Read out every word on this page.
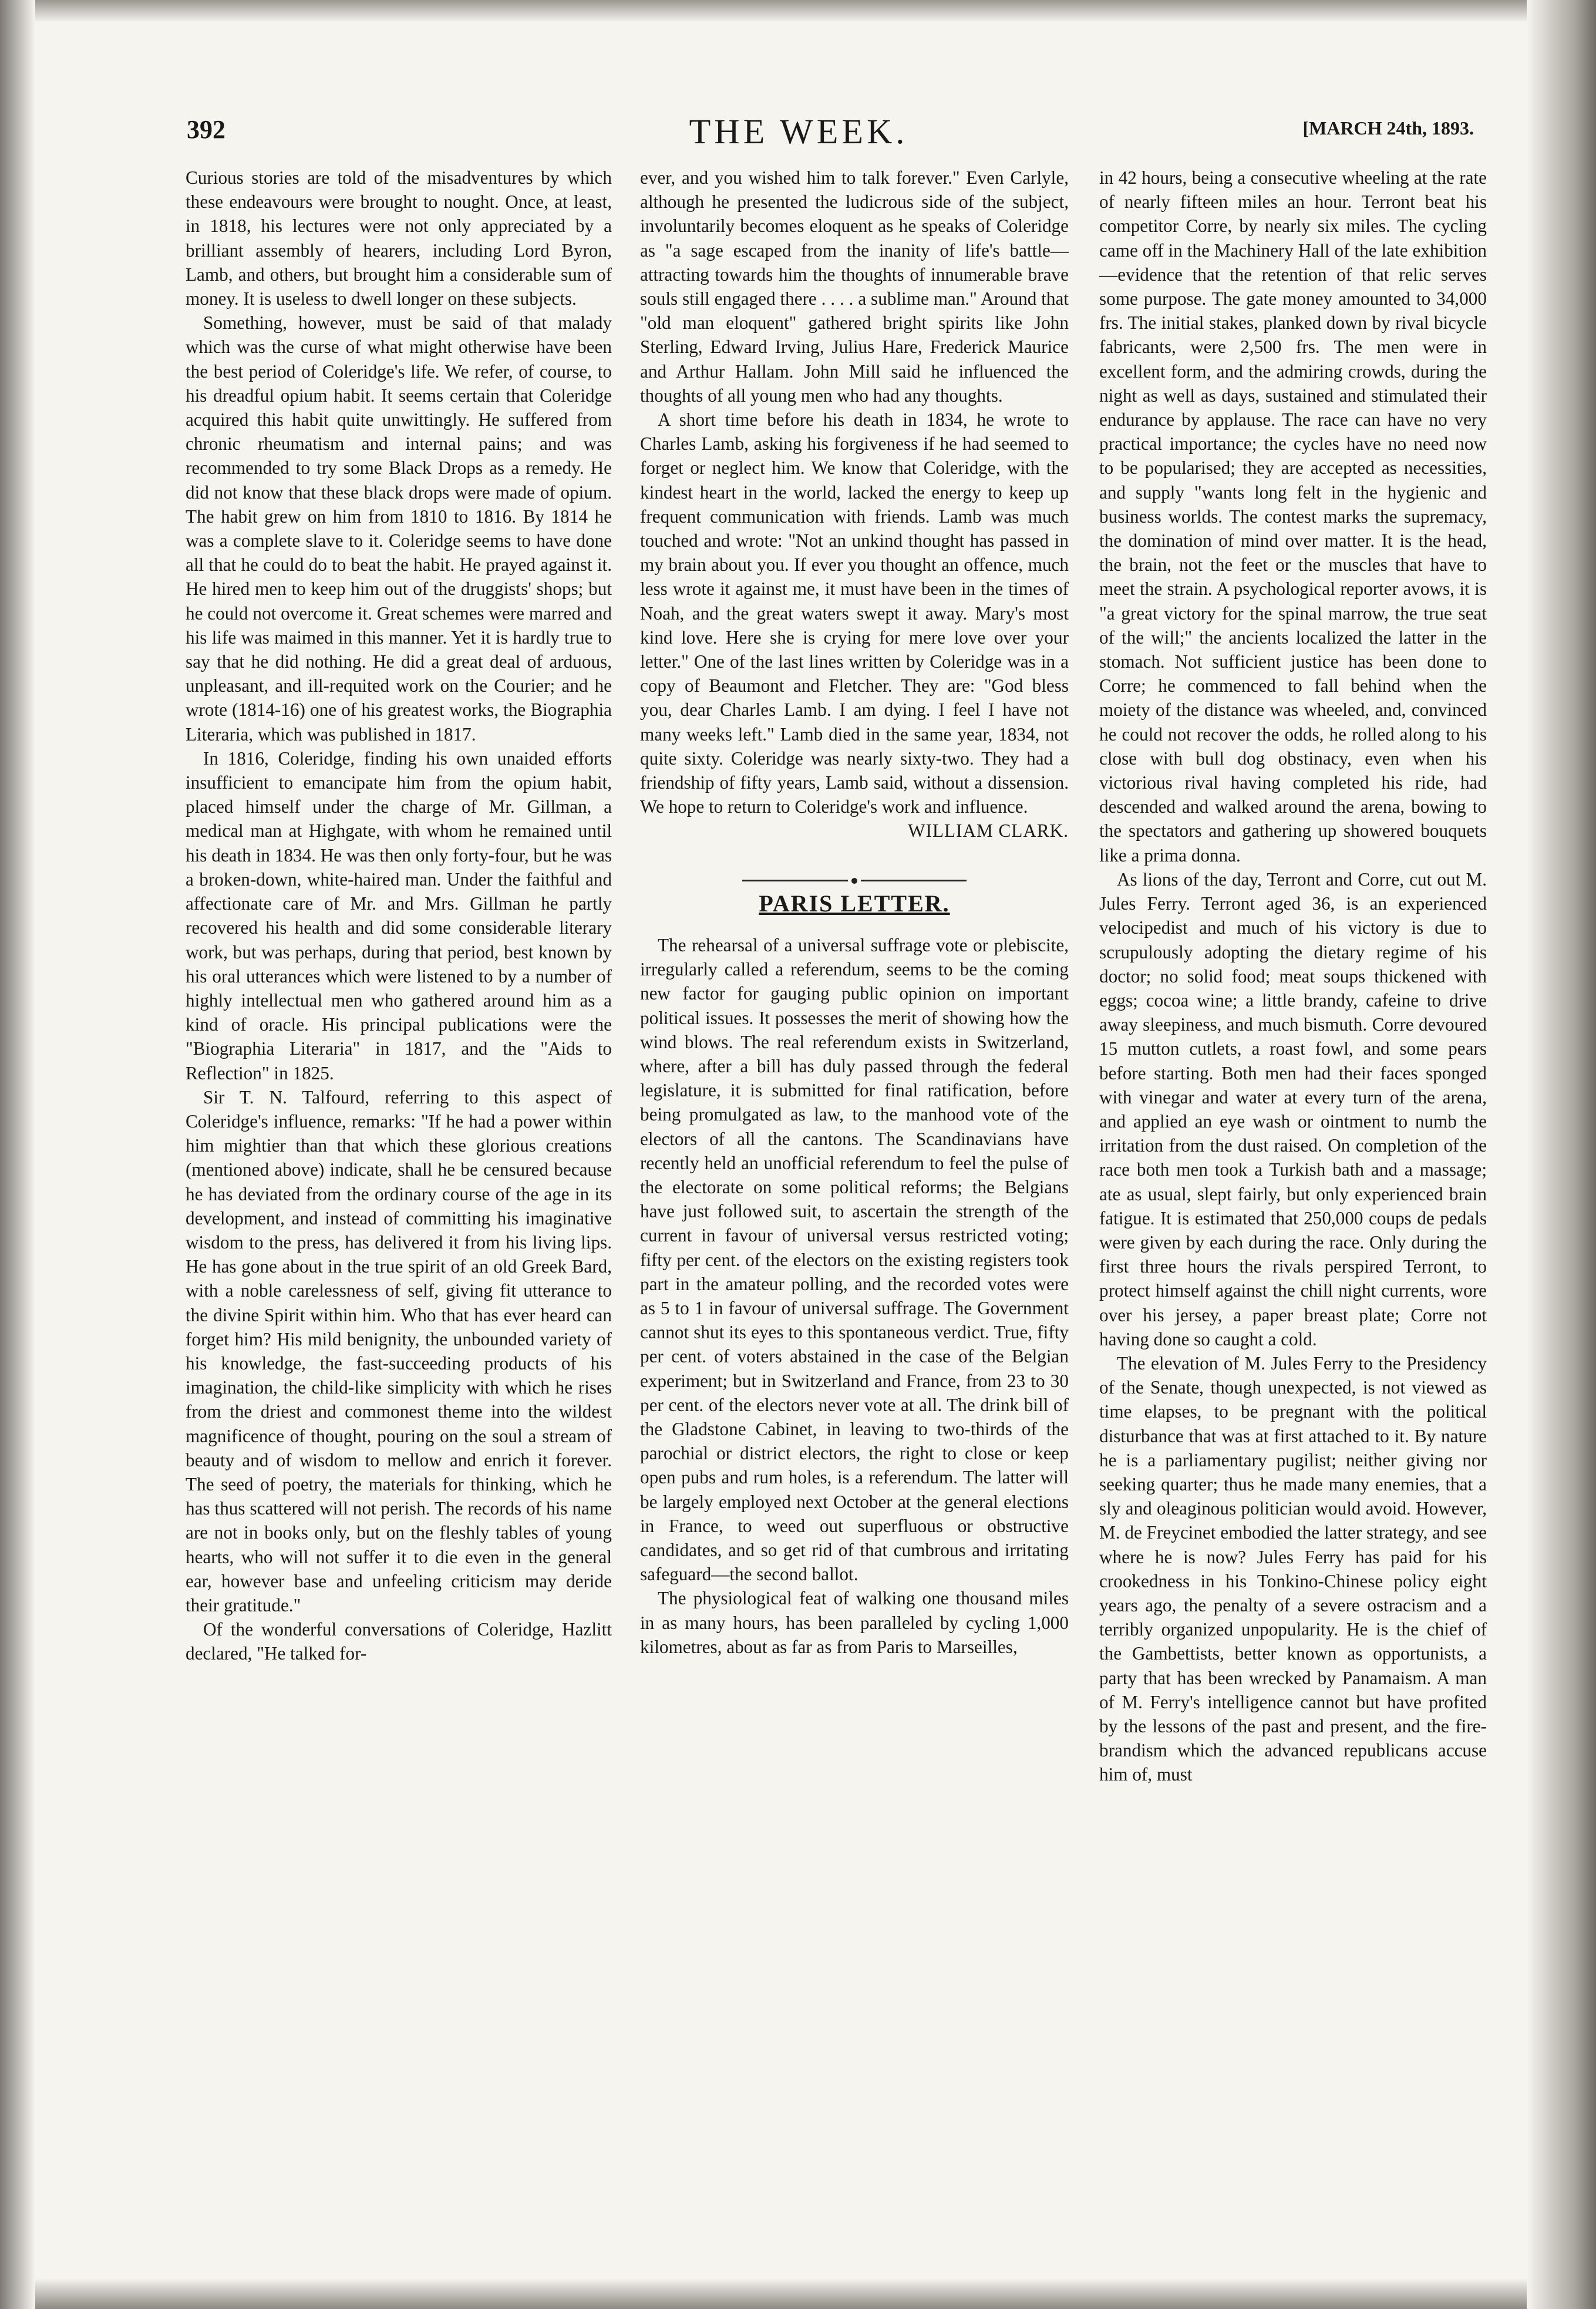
392	THE WEEK.	[MARCH 24th, 1893.

Curious stories are told of the misadventures by which these endeavours were brought to nought. Once, at least, in 1818, his lectures were not only appreciated by a brilliant assembly of hearers, including Lord Byron, Lamb, and others, but brought him a considerable sum of money. It is useless to dwell longer on these subjects.

Something, however, must be said of that malady which was the curse of what might otherwise have been the best period of Coleridge's life. We refer, of course, to his dreadful opium habit. It seems certain that Coleridge acquired this habit quite unwittingly. He suffered from chronic rheumatism and internal pains; and was recommended to try some Black Drops as a remedy. He did not know that these black drops were made of opium. The habit grew on him from 1810 to 1816. By 1814 he was a complete slave to it. Coleridge seems to have done all that he could do to beat the habit. He prayed against it. He hired men to keep him out of the druggists' shops; but he could not overcome it. Great schemes were marred and his life was maimed in this manner. Yet it is hardly true to say that he did nothing. He did a great deal of arduous, unpleasant, and ill-requited work on the Courier; and he wrote (1814-16) one of his greatest works, the Biographia Literaria, which was published in 1817.

In 1816, Coleridge, finding his own unaided efforts insufficient to emancipate him from the opium habit, placed himself under the charge of Mr. Gillman, a medical man at Highgate, with whom he remained until his death in 1834. He was then only forty-four, but he was a broken-down, white-haired man. Under the faithful and affectionate care of Mr. and Mrs. Gillman he partly recovered his health and did some considerable literary work, but was perhaps, during that period, best known by his oral utterances which were listened to by a number of highly intellectual men who gathered around him as a kind of oracle. His principal publications were the "Biographia Literaria" in 1817, and the "Aids to Reflection" in 1825.

Sir T. N. Talfourd, referring to this aspect of Coleridge's influence, remarks: "If he had a power within him mightier than that which these glorious creations (mentioned above) indicate, shall he be censured because he has deviated from the ordinary course of the age in its development, and instead of committing his imaginative wisdom to the press, has delivered it from his living lips. He has gone about in the true spirit of an old Greek Bard, with a noble carelessness of self, giving fit utterance to the divine Spirit within him. Who that has ever heard can forget him? His mild benignity, the unbounded variety of his knowledge, the fast-succeeding products of his imagination, the child-like simplicity with which he rises from the driest and commonest theme into the wildest magnificence of thought, pouring on the soul a stream of beauty and of wisdom to mellow and enrich it forever. The seed of poetry, the materials for thinking, which he has thus scattered will not perish. The records of his name are not in books only, but on the fleshly tables of young hearts, who will not suffer it to die even in the general ear, however base and unfeeling criticism may deride their gratitude."

Of the wonderful conversations of Coleridge, Hazlitt declared, "He talked for-

ever, and you wished him to talk forever." Even Carlyle, although he presented the ludicrous side of the subject, involuntarily becomes eloquent as he speaks of Coleridge as "a sage escaped from the inanity of life's battle—attracting towards him the thoughts of innumerable brave souls still engaged there . . . . a sublime man." Around that "old man eloquent" gathered bright spirits like John Sterling, Edward Irving, Julius Hare, Frederick Maurice and Arthur Hallam. John Mill said he influenced the thoughts of all young men who had any thoughts.

A short time before his death in 1834, he wrote to Charles Lamb, asking his forgiveness if he had seemed to forget or neglect him. We know that Coleridge, with the kindest heart in the world, lacked the energy to keep up frequent communication with friends. Lamb was much touched and wrote: "Not an unkind thought has passed in my brain about you. If ever you thought an offence, much less wrote it against me, it must have been in the times of Noah, and the great waters swept it away. Mary's most kind love. Here she is crying for mere love over your letter." One of the last lines written by Coleridge was in a copy of Beaumont and Fletcher. They are: "God bless you, dear Charles Lamb. I am dying. I feel I have not many weeks left." Lamb died in the same year, 1834, not quite sixty. Coleridge was nearly sixty-two. They had a friendship of fifty years, Lamb said, without a dissension. We hope to return to Coleridge's work and influence.

WILLIAM CLARK.
PARIS LETTER.

The rehearsal of a universal suffrage vote or plebiscite, irregularly called a referendum, seems to be the coming new factor for gauging public opinion on important political issues. It possesses the merit of showing how the wind blows. The real referendum exists in Switzerland, where, after a bill has duly passed through the federal legislature, it is submitted for final ratification, before being promulgated as law, to the manhood vote of the electors of all the cantons. The Scandinavians have recently held an unofficial referendum to feel the pulse of the electorate on some political reforms; the Belgians have just followed suit, to ascertain the strength of the current in favour of universal versus restricted voting; fifty per cent. of the electors on the existing registers took part in the amateur polling, and the recorded votes were as 5 to 1 in favour of universal suffrage. The Government cannot shut its eyes to this spontaneous verdict. True, fifty per cent. of voters abstained in the case of the Belgian experiment; but in Switzerland and France, from 23 to 30 per cent. of the electors never vote at all. The drink bill of the Gladstone Cabinet, in leaving to two-thirds of the parochial or district electors, the right to close or keep open pubs and rum holes, is a referendum. The latter will be largely employed next October at the general elections in France, to weed out superfluous or obstructive candidates, and so get rid of that cumbrous and irritating safeguard—the second ballot.

The physiological feat of walking one thousand miles in as many hours, has been paralleled by cycling 1,000 kilometres, about as far as from Paris to Marseilles,

in 42 hours, being a consecutive wheeling at the rate of nearly fifteen miles an hour. Terront beat his competitor Corre, by nearly six miles. The cycling came off in the Machinery Hall of the late exhibition—evidence that the retention of that relic serves some purpose. The gate money amounted to 34,000 frs. The initial stakes, planked down by rival bicycle fabricants, were 2,500 frs. The men were in excellent form, and the admiring crowds, during the night as well as days, sustained and stimulated their endurance by applause. The race can have no very practical importance; the cycles have no need now to be popularised; they are accepted as necessities, and supply "wants long felt in the hygienic and business worlds. The contest marks the supremacy, the domination of mind over matter. It is the head, the brain, not the feet or the muscles that have to meet the strain. A psychological reporter avows, it is "a great victory for the spinal marrow, the true seat of the will;" the ancients localized the latter in the stomach. Not sufficient justice has been done to Corre; he commenced to fall behind when the moiety of the distance was wheeled, and, convinced he could not recover the odds, he rolled along to his close with bull dog obstinacy, even when his victorious rival having completed his ride, had descended and walked around the arena, bowing to the spectators and gathering up showered bouquets like a prima donna.

As lions of the day, Terront and Corre, cut out M. Jules Ferry. Terront aged 36, is an experienced velocipedist and much of his victory is due to scrupulously adopting the dietary regime of his doctor; no solid food; meat soups thickened with eggs; cocoa wine; a little brandy, cafeine to drive away sleepiness, and much bismuth. Corre devoured 15 mutton cutlets, a roast fowl, and some pears before starting. Both men had their faces sponged with vinegar and water at every turn of the arena, and applied an eye wash or ointment to numb the irritation from the dust raised. On completion of the race both men took a Turkish bath and a massage; ate as usual, slept fairly, but only experienced brain fatigue. It is estimated that 250,000 coups de pedals were given by each during the race. Only during the first three hours the rivals perspired Terront, to protect himself against the chill night currents, wore over his jersey, a paper breast plate; Corre not having done so caught a cold.

The elevation of M. Jules Ferry to the Presidency of the Senate, though unexpected, is not viewed as time elapses, to be pregnant with the political disturbance that was at first attached to it. By nature he is a parliamentary pugilist; neither giving nor seeking quarter; thus he made many enemies, that a sly and oleaginous politician would avoid. However, M. de Freycinet embodied the latter strategy, and see where he is now? Jules Ferry has paid for his crookedness in his Tonkino-Chinese policy eight years ago, the penalty of a severe ostracism and a terribly organized unpopularity. He is the chief of the Gambettists, better known as opportunists, a party that has been wrecked by Panamaism. A man of M. Ferry's intelligence cannot but have profited by the lessons of the past and present, and the fire-brandism which the advanced republicans accuse him of, must
